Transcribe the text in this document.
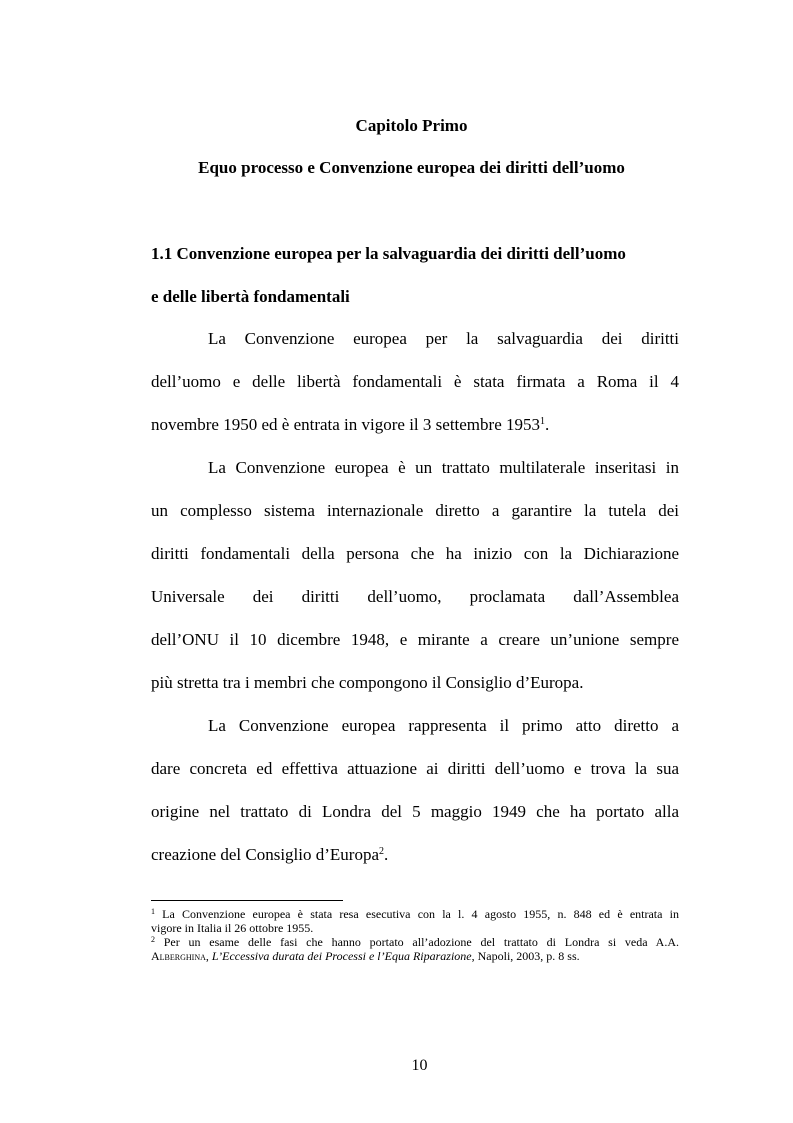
Capitolo Primo
Equo processo e Convenzione europea dei diritti dell’uomo
1.1 Convenzione europea per la salvaguardia dei diritti dell’uomo
e delle libertà fondamentali
La Convenzione europea per la salvaguardia dei diritti
dell’uomo e delle libertà fondamentali è stata firmata a Roma il 4
novembre 1950 ed è entrata in vigore il 3 settembre 1953$^1$.
La Convenzione europea è un trattato multilaterale inseritasi in
un complesso sistema internazionale diretto a garantire la tutela dei
diritti fondamentali della persona che ha inizio con la Dichiarazione
Universale dei diritti dell’uomo, proclamata dall’Assemblea
dell’ONU il 10 dicembre 1948, e mirante a creare un’unione sempre
più stretta tra i membri che compongono il Consiglio d’Europa.
La Convenzione europea rappresenta il primo atto diretto a
dare concreta ed effettiva attuazione ai diritti dell’uomo e trova la sua
origine nel trattato di Londra del 5 maggio 1949 che ha portato alla
creazione del Consiglio d’Europa$^2$.
$^1$ La Convenzione europea è stata resa esecutiva con la l. 4 agosto 1955, n. 848 ed è entrata in
vigore in Italia il 26 ottobre 1955.
$^2$ Per un esame delle fasi che hanno portato all’adozione del trattato di Londra si veda A.A.
Alberghina, L’Eccessiva durata dei Processi e l’Equa Riparazione, Napoli, 2003, p. 8 ss.
10
